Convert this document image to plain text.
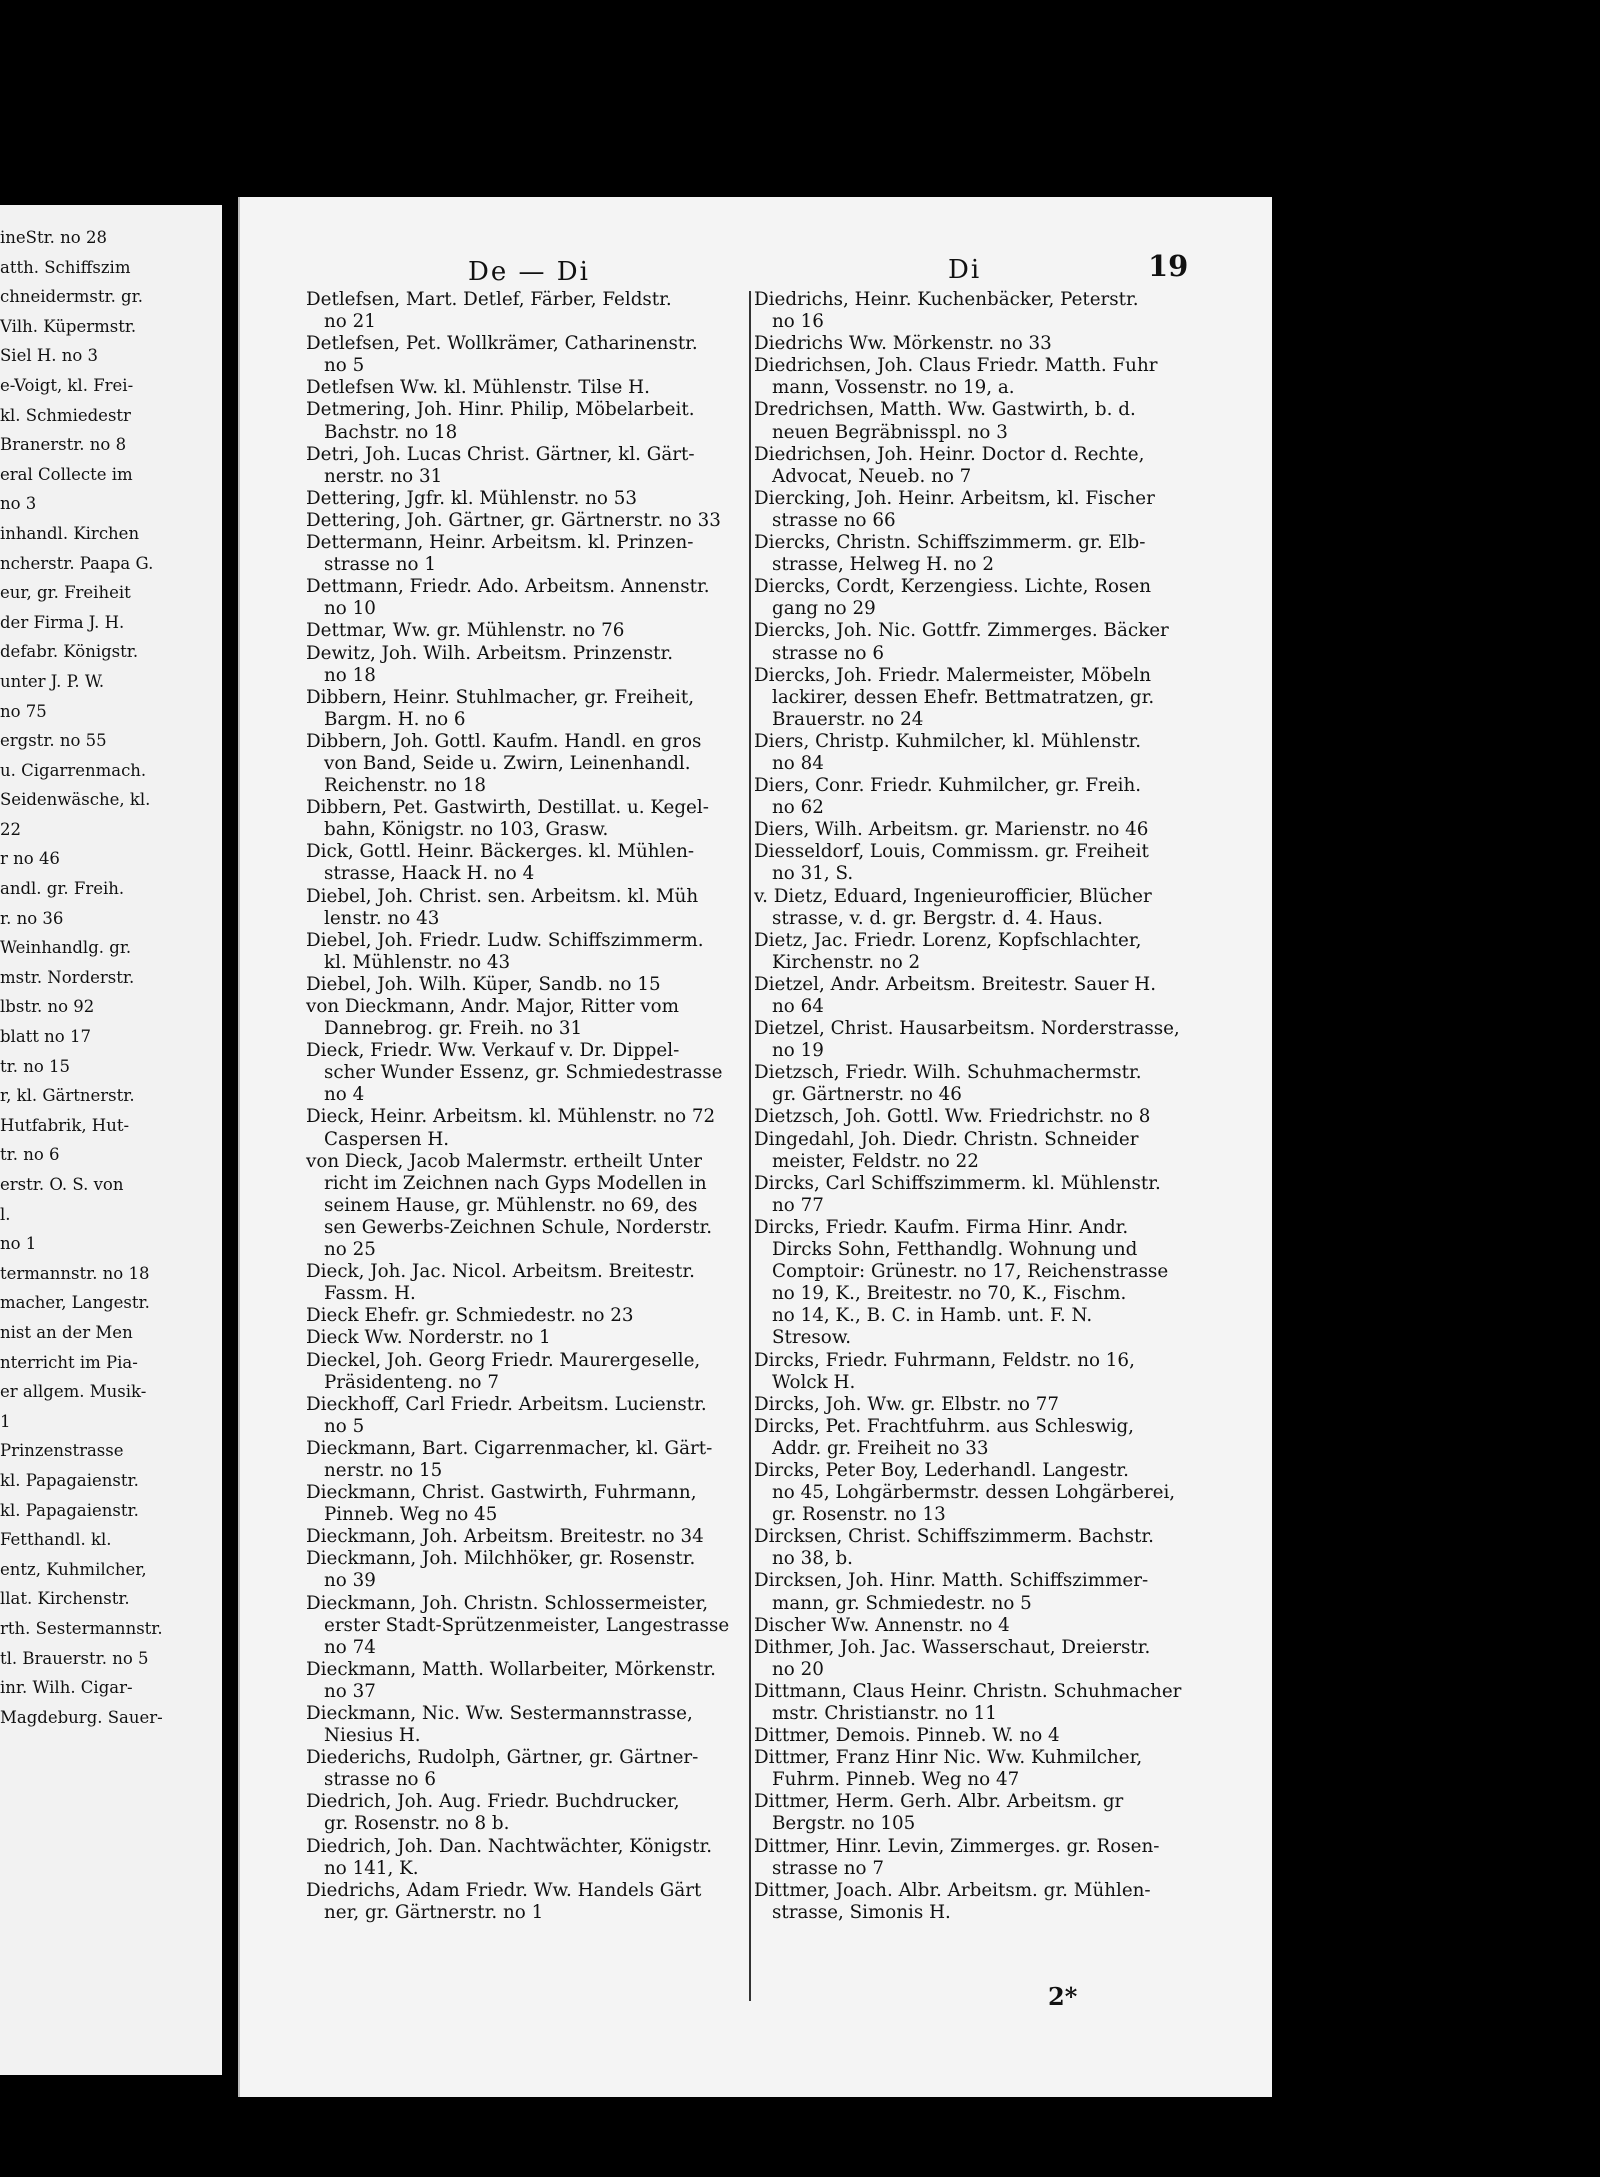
ineStr. no 28
atth. Schiffszim
chneidermstr. gr.
Vilh. Küpermstr.
Siel H. no 3
e-Voigt, kl. Frei-
kl. Schmiedestr
Branerstr. no 8
eral Collecte im
no 3
inhandl. Kirchen
ncherstr. Paapa G.
eur, gr. Freiheit
der Firma J. H.
defabr. Königstr.
unter J. P. W.
no 75
ergstr. no 55
u. Cigarrenmach.
Seidenwäsche, kl.
22
r no 46
andl. gr. Freih.
r. no 36
Weinhandlg. gr.
mstr. Norderstr.
lbstr. no 92
blatt no 17
tr. no 15
r, kl. Gärtnerstr.
Hutfabrik, Hut-
tr. no 6
erstr. O. S. von
l.
no 1
termannstr. no 18
macher, Langestr.
nist an der Men
nterricht im Pia-
er allgem. Musik-
1
Prinzenstrasse
kl. Papagaienstr.
kl. Papagaienstr.
Fetthandl. kl.
entz, Kuhmilcher,
llat. Kirchenstr.
rth. Sestermannstr.
tl. Brauerstr. no 5
inr. Wilh. Cigar-
Magdeburg. Sauer-
De — Di	Di	19
Detlefsen, Mart. Detlef, Färber, Feldstr.
no 21
Detlefsen, Pet. Wollkrämer, Catharinenstr.
no 5
Detlefsen Ww. kl. Mühlenstr. Tilse H.
Detmering, Joh. Hinr. Philip, Möbelarbeit.
Bachstr. no 18
Detri, Joh. Lucas Christ. Gärtner, kl. Gärt-
nerstr. no 31
Dettering, Jgfr. kl. Mühlenstr. no 53
Dettering, Joh. Gärtner, gr. Gärtnerstr. no 33
Dettermann, Heinr. Arbeitsm. kl. Prinzen-
strasse no 1
Dettmann, Friedr. Ado. Arbeitsm. Annenstr.
no 10
Dettmar, Ww. gr. Mühlenstr. no 76
Dewitz, Joh. Wilh. Arbeitsm. Prinzenstr.
no 18
Dibbern, Heinr. Stuhlmacher, gr. Freiheit,
Bargm. H. no 6
Dibbern, Joh. Gottl. Kaufm. Handl. en gros
von Band, Seide u. Zwirn, Leinenhandl.
Reichenstr. no 18
Dibbern, Pet. Gastwirth, Destillat. u. Kegel-
bahn, Königstr. no 103, Grasw.
Dick, Gottl. Heinr. Bäckerges. kl. Mühlen-
strasse, Haack H. no 4
Diebel, Joh. Christ. sen. Arbeitsm. kl. Müh
lenstr. no 43
Diebel, Joh. Friedr. Ludw. Schiffszimmerm.
kl. Mühlenstr. no 43
Diebel, Joh. Wilh. Küper, Sandb. no 15
von Dieckmann, Andr. Major, Ritter vom
Dannebrog. gr. Freih. no 31
Dieck, Friedr. Ww. Verkauf v. Dr. Dippel-
scher Wunder Essenz, gr. Schmiedestrasse
no 4
Dieck, Heinr. Arbeitsm. kl. Mühlenstr. no 72
Caspersen H.
von Dieck, Jacob Malermstr. ertheilt Unter
richt im Zeichnen nach Gyps Modellen in
seinem Hause, gr. Mühlenstr. no 69, des
sen Gewerbs-Zeichnen Schule, Norderstr.
no 25
Dieck, Joh. Jac. Nicol. Arbeitsm. Breitestr.
Fassm. H.
Dieck Ehefr. gr. Schmiedestr. no 23
Dieck Ww. Norderstr. no 1
Dieckel, Joh. Georg Friedr. Maurergeselle,
Präsidenteng. no 7
Dieckhoff, Carl Friedr. Arbeitsm. Lucienstr.
no 5
Dieckmann, Bart. Cigarrenmacher, kl. Gärt-
nerstr. no 15
Dieckmann, Christ. Gastwirth, Fuhrmann,
Pinneb. Weg no 45
Dieckmann, Joh. Arbeitsm. Breitestr. no 34
Dieckmann, Joh. Milchhöker, gr. Rosenstr.
no 39
Dieckmann, Joh. Christn. Schlossermeister,
erster Stadt-Sprützenmeister, Langestrasse
no 74
Dieckmann, Matth. Wollarbeiter, Mörkenstr.
no 37
Dieckmann, Nic. Ww. Sestermannstrasse,
Niesius H.
Diederichs, Rudolph, Gärtner, gr. Gärtner-
strasse no 6
Diedrich, Joh. Aug. Friedr. Buchdrucker,
gr. Rosenstr. no 8 b.
Diedrich, Joh. Dan. Nachtwächter, Königstr.
no 141, K.
Diedrichs, Adam Friedr. Ww. Handels Gärt
ner, gr. Gärtnerstr. no 1
Diedrichs, Heinr. Kuchenbäcker, Peterstr.
no 16
Diedrichs Ww. Mörkenstr. no 33
Diedrichsen, Joh. Claus Friedr. Matth. Fuhr
mann, Vossenstr. no 19, a.
Dredrichsen, Matth. Ww. Gastwirth, b. d.
neuen Begräbnisspl. no 3
Diedrichsen, Joh. Heinr. Doctor d. Rechte,
Advocat, Neueb. no 7
Diercking, Joh. Heinr. Arbeitsm, kl. Fischer
strasse no 66
Diercks, Christn. Schiffszimmerm. gr. Elb-
strasse, Helweg H. no 2
Diercks, Cordt, Kerzengiess. Lichte, Rosen
gang no 29
Diercks, Joh. Nic. Gottfr. Zimmerges. Bäcker
strasse no 6
Diercks, Joh. Friedr. Malermeister, Möbeln
lackirer, dessen Ehefr. Bettmatratzen, gr.
Brauerstr. no 24
Diers, Christp. Kuhmilcher, kl. Mühlenstr.
no 84
Diers, Conr. Friedr. Kuhmilcher, gr. Freih.
no 62
Diers, Wilh. Arbeitsm. gr. Marienstr. no 46
Diesseldorf, Louis, Commissm. gr. Freiheit
no 31, S.
v. Dietz, Eduard, Ingenieurofficier, Blücher
strasse, v. d. gr. Bergstr. d. 4. Haus.
Dietz, Jac. Friedr. Lorenz, Kopfschlachter,
Kirchenstr. no 2
Dietzel, Andr. Arbeitsm. Breitestr. Sauer H.
no 64
Dietzel, Christ. Hausarbeitsm. Norderstrasse,
no 19
Dietzsch, Friedr. Wilh. Schuhmachermstr.
gr. Gärtnerstr. no 46
Dietzsch, Joh. Gottl. Ww. Friedrichstr. no 8
Dingedahl, Joh. Diedr. Christn. Schneider
meister, Feldstr. no 22
Dircks, Carl Schiffszimmerm. kl. Mühlenstr.
no 77
Dircks, Friedr. Kaufm. Firma Hinr. Andr.
Dircks Sohn, Fetthandlg. Wohnung und
Comptoir: Grünestr. no 17, Reichenstrasse
no 19, K., Breitestr. no 70, K., Fischm.
no 14, K., B. C. in Hamb. unt. F. N.
Stresow.
Dircks, Friedr. Fuhrmann, Feldstr. no 16,
Wolck H.
Dircks, Joh. Ww. gr. Elbstr. no 77
Dircks, Pet. Frachtfuhrm. aus Schleswig,
Addr. gr. Freiheit no 33
Dircks, Peter Boy, Lederhandl. Langestr.
no 45, Lohgärbermstr. dessen Lohgärberei,
gr. Rosenstr. no 13
Dircksen, Christ. Schiffszimmerm. Bachstr.
no 38, b.
Dircksen, Joh. Hinr. Matth. Schiffszimmer-
mann, gr. Schmiedestr. no 5
Discher Ww. Annenstr. no 4
Dithmer, Joh. Jac. Wasserschaut, Dreierstr.
no 20
Dittmann, Claus Heinr. Christn. Schuhmacher
mstr. Christianstr. no 11
Dittmer, Demois. Pinneb. W. no 4
Dittmer, Franz Hinr Nic. Ww. Kuhmilcher,
Fuhrm. Pinneb. Weg no 47
Dittmer, Herm. Gerh. Albr. Arbeitsm. gr
Bergstr. no 105
Dittmer, Hinr. Levin, Zimmerges. gr. Rosen-
strasse no 7
Dittmer, Joach. Albr. Arbeitsm. gr. Mühlen-
strasse, Simonis H.
2*
